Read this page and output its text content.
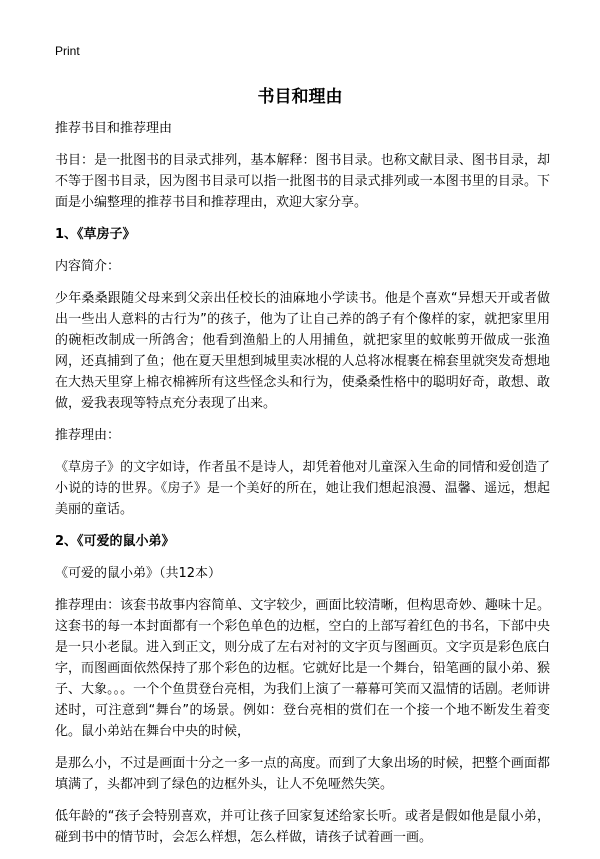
Print
书目和理由

推荐书目和推荐理由

书目：是一批图书的目录式排列，基本解释：图书目录。也称文献目录、图书目录，却不等于图书目录，因为图书目录可以指一批图书的目录式排列或一本图书里的目录。下面是小编整理的推荐书目和推荐理由，欢迎大家分享。

1、《草房子》

内容简介：

少年桑桑跟随父母来到父亲出任校长的油麻地小学读书。他是个喜欢“异想天开或者做出一些出人意料的古行为”的孩子，他为了让自己养的鸽子有个像样的家，就把家里用的碗柜改制成一所鸽舍；他看到渔船上的人用捕鱼，就把家里的蚊帐剪开做成一张渔网，还真捕到了鱼；他在夏天里想到城里卖冰棍的人总将冰棍裹在棉套里就突发奇想地在大热天里穿上棉衣棉裤所有这些怪念头和行为，使桑桑性格中的聪明好奇，敢想、敢做，爱我表现等特点充分表现了出来。

推荐理由：

《草房子》的文字如诗，作者虽不是诗人，却凭着他对儿童深入生命的同情和爱创造了小说的诗的世界。《房子》是一个美好的所在，她让我们想起浪漫、温馨、遥远，想起美丽的童话。

2、《可爱的鼠小弟》

《可爱的鼠小弟》（共12本）

推荐理由：该套书故事内容简单、文字较少，画面比较清晰，但构思奇妙、趣味十足。这套书的每一本封面都有一个彩色单色的边框，空白的上部写着红色的书名，下部中央是一只小老鼠。进入到正文，则分成了左右对衬的文字页与图画页。文字页是彩色底白字，而图画面依然保持了那个彩色的边框。它就好比是一个舞台，铅笔画的鼠小弟、猴子、大象。。。一个个鱼贯登台亮相，为我们上演了一幕幕可笑而又温情的话剧。老师讲述时，可注意到“舞台”的场景。例如：登台亮相的赏们在一个接一个地不断发生着变化。鼠小弟站在舞台中央的时候，

是那么小，不过是画面十分之一多一点的高度。而到了大象出场的时候，把整个画面都填满了，头都冲到了绿色的边框外头，让人不免哑然失笑。

低年龄的“孩子会特别喜欢，并可让孩子回家复述给家长听。或者是假如他是鼠小弟，碰到书中的情节时，会怎么样想，怎么样做，请孩子试着画一画。
